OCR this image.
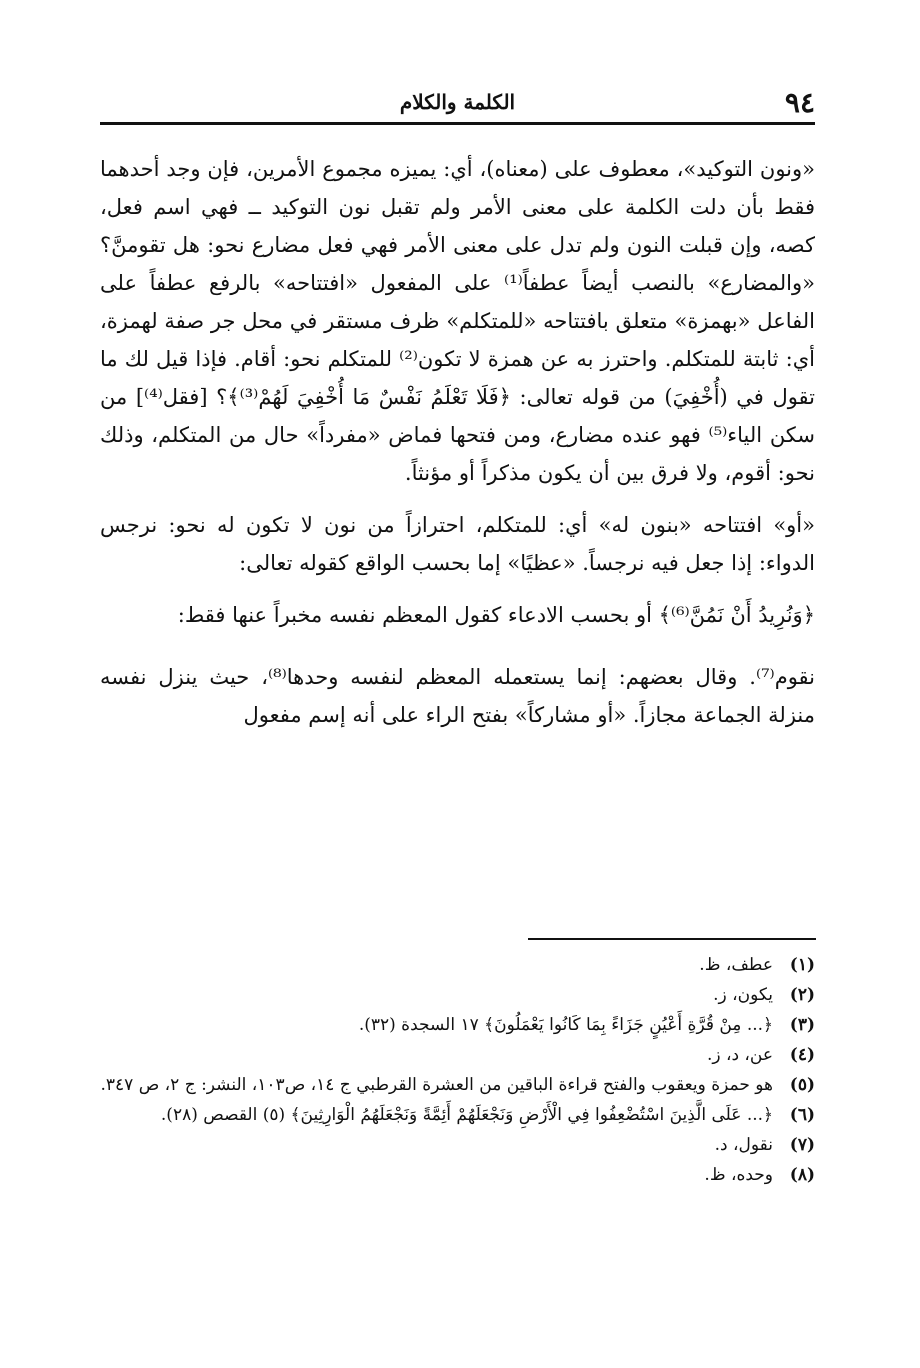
٩٤
الكلمة والكلام

«ونون التوكيد»، معطوف على (معناه)، أي: يميزه مجموع الأمرين، فإن وجد أحدهما فقط بأن دلت الكلمة على معنى الأمر ولم تقبل نون التوكيد ــ فهي اسم فعل، كصه، وإن قبلت النون ولم تدل على معنى الأمر فهي فعل مضارع نحو: هل تقومنَّ؟ «والمضارع» بالنصب أيضاً عطفاً⁽¹⁾ على المفعول «افتتاحه» بالرفع عطفاً على الفاعل «بهمزة» متعلق بافتتاحه «للمتكلم» ظرف مستقر في محل جر صفة لهمزة، أي: ثابتة للمتكلم. واحترز به عن همزة لا تكون⁽²⁾ للمتكلم نحو: أقام. فإذا قيل لك ما تقول في (أُخْفِيَ) من قوله تعالى: ﴿فَلَا تَعْلَمُ نَفْسٌ مَا أُخْفِيَ لَهُمْ⁽³⁾﴾؟ [فقل⁽⁴⁾] من سكن الياء⁽⁵⁾ فهو عنده مضارع، ومن فتحها فماض «مفرداً» حال من المتكلم، وذلك نحو: أقوم، ولا فرق بين أن يكون مذكراً أو مؤنثاً.

«أو» افتتاحه «بنون له» أي: للمتكلم، احترازاً من نون لا تكون له نحو: نرجس الدواء: إذا جعل فيه نرجساً. «عظيًا» إما بحسب الواقع كقوله تعالى:

﴿وَنُرِيدُ أَنْ نَمُنَّ⁽⁶⁾﴾ أو بحسب الادعاء كقول المعظم نفسه مخبراً عنها فقط:

نقوم⁽⁷⁾. وقال بعضهم: إنما يستعمله المعظم لنفسه وحدها⁽⁸⁾، حيث ينزل نفسه منزلة الجماعة مجازاً. «أو مشاركاً» بفتح الراء على أنه إسم مفعول

(١)
عطف، ظ.
(٢)
يكون، ز.
(٣)
﴿... مِنْ قُرَّةِ أَعْيُنٍ جَزَاءً بِمَا كَانُوا يَعْمَلُونَ﴾ ١٧ السجدة (٣٢).
(٤)
عن، د، ز.
(٥)
هو حمزة ويعقوب والفتح قراءة الباقين من العشرة القرطبي ج ١٤، ص١٠٣، النشر: ج ٢، ص ٣٤٧.
(٦)
﴿... عَلَى الَّذِينَ اسْتُضْعِفُوا فِي الْأَرْضِ وَنَجْعَلَهُمْ أَئِمَّةً وَنَجْعَلَهُمُ الْوَارِثِينَ﴾ (٥) القصص (٢٨).
(٧)
نقول، د.
(٨)
وحده، ظ.
